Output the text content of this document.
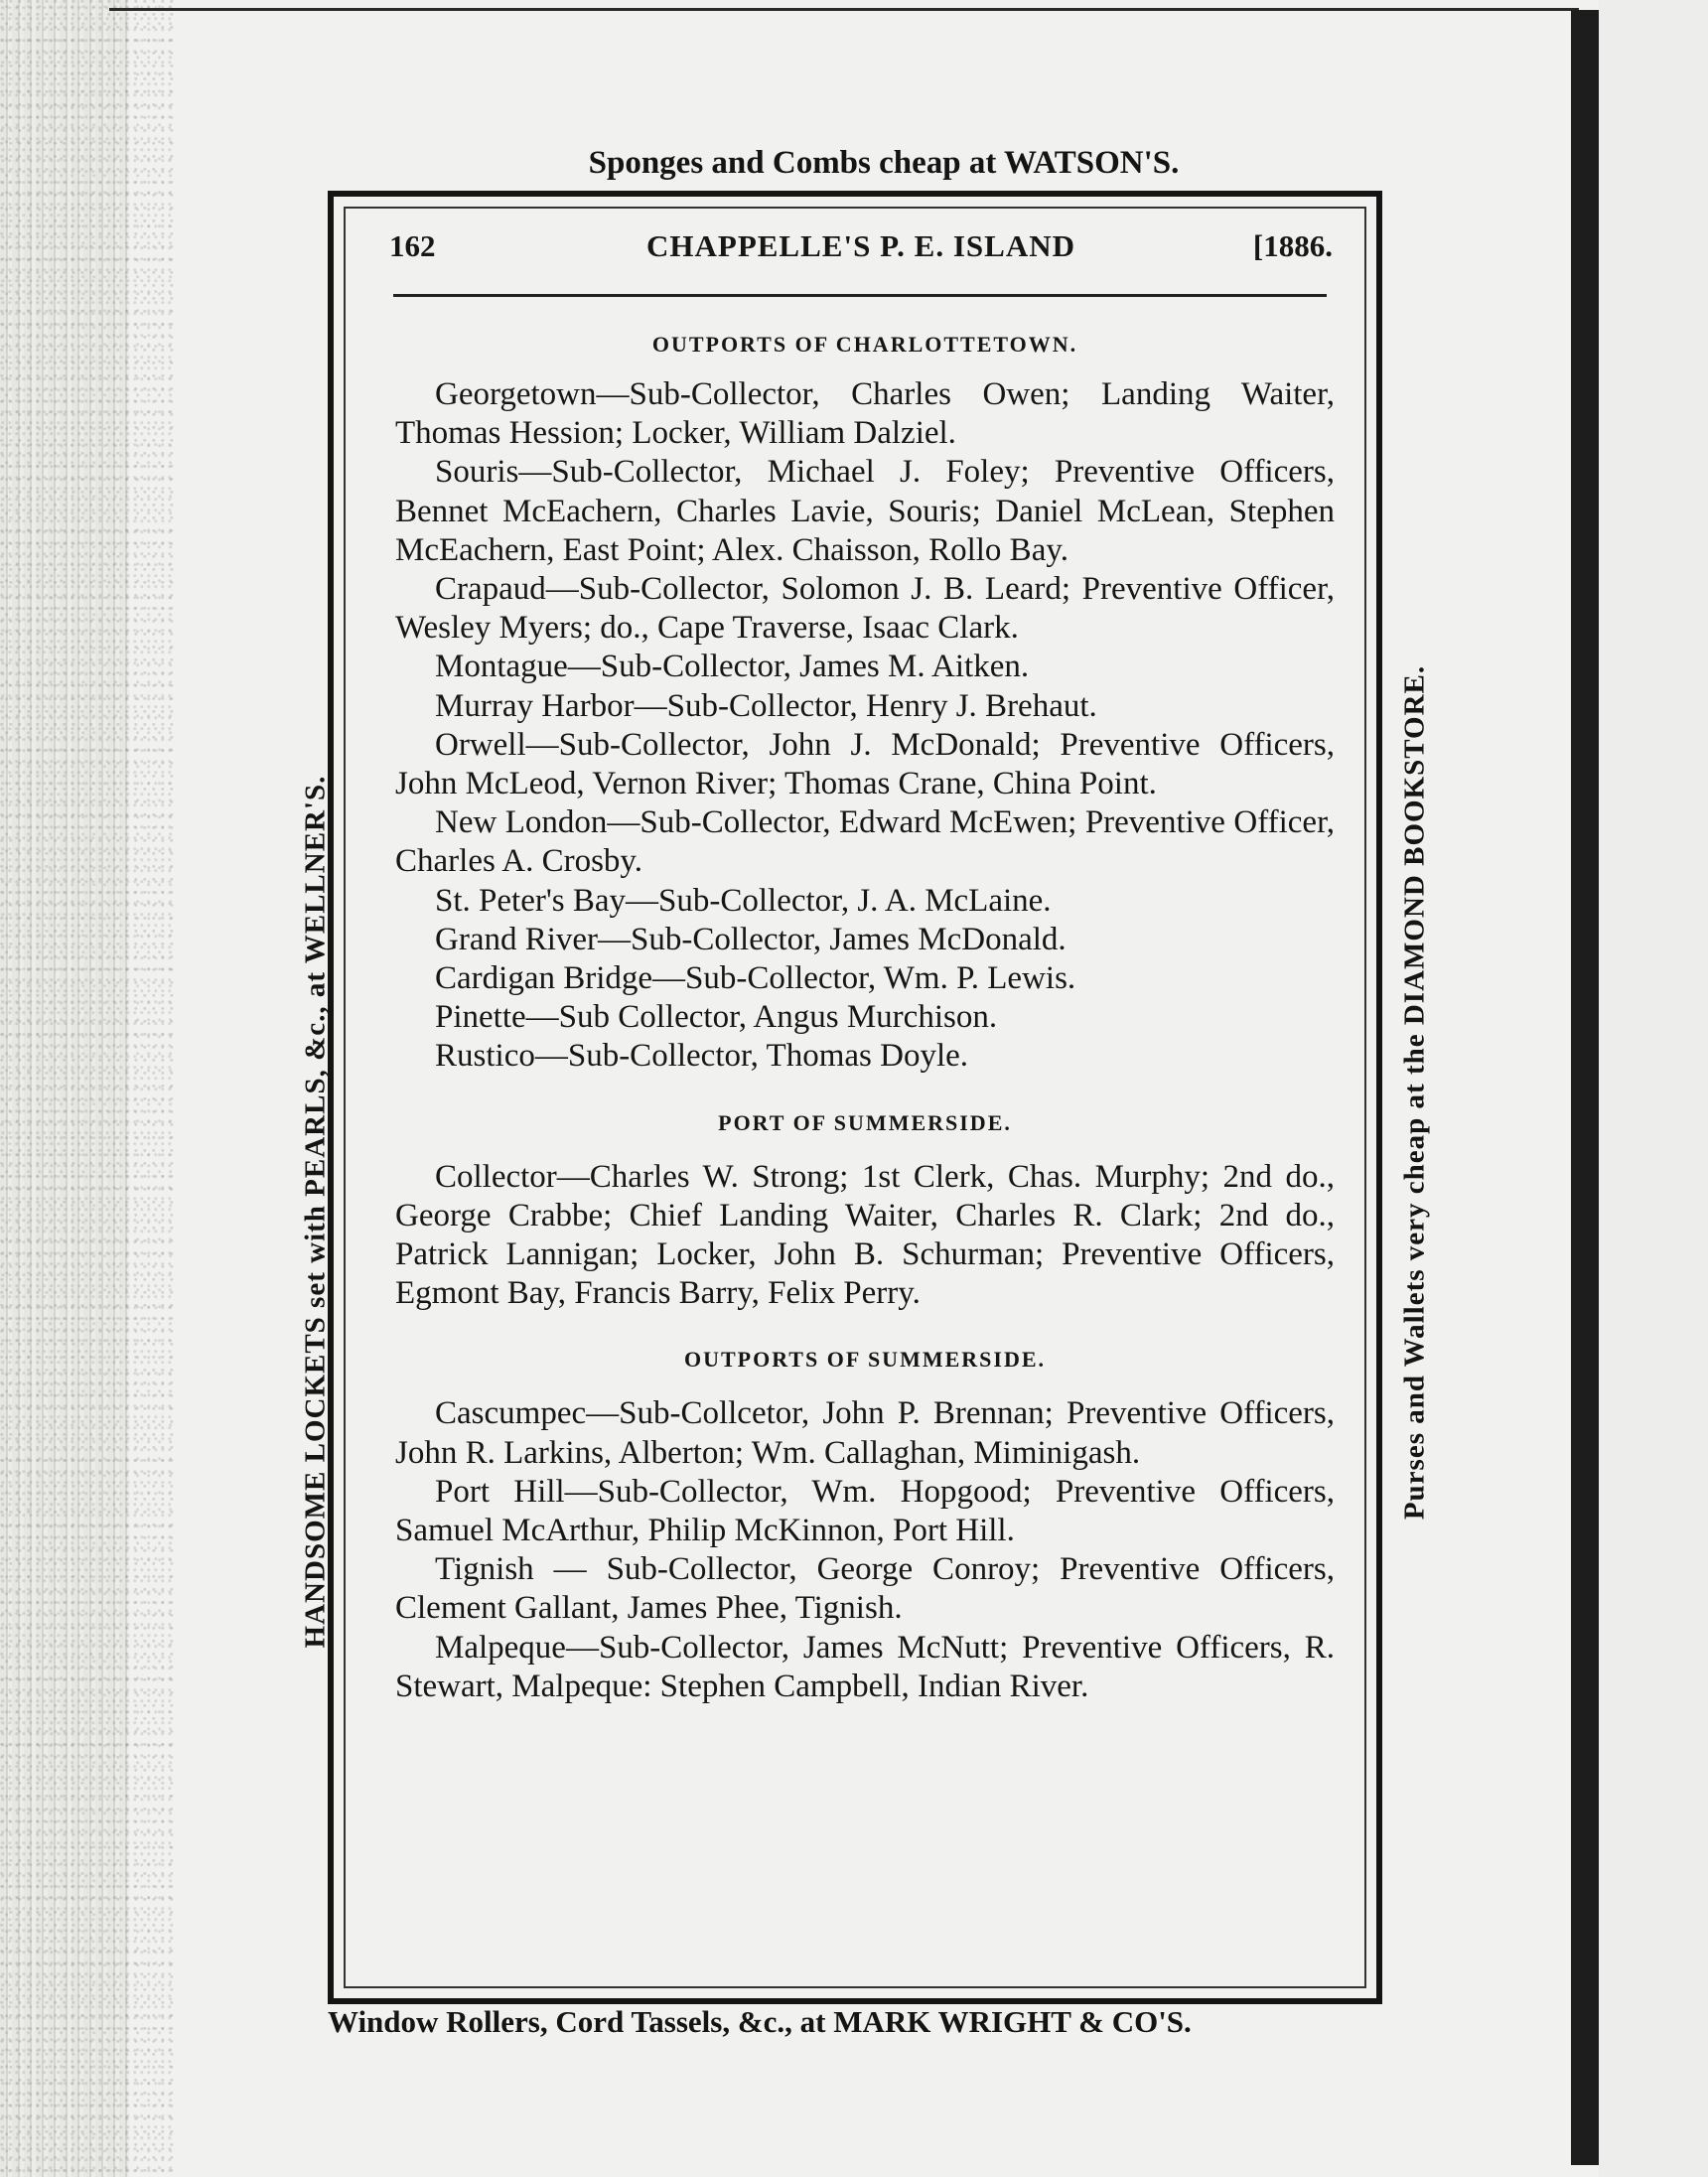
Sponges and Combs cheap at WATSON'S.
HANDSOME LOCKETS set with PEARLS, &c., at WELLNER'S.	Purses and Wallets very cheap at the DIAMOND BOOKSTORE.
162	CHAPPELLE'S P. E. ISLAND	[1886.
OUTPORTS OF CHARLOTTETOWN.

Georgetown—Sub-Collector, Charles Owen; Landing Waiter, Thomas Hession; Locker, William Dalziel.

Souris—Sub-Collector, Michael J. Foley; Preventive Officers, Bennet McEachern, Charles Lavie, Souris; Daniel McLean, Stephen McEachern, East Point; Alex. Chaisson, Rollo Bay.

Crapaud—Sub-Collector, Solomon J. B. Leard; Preventive Officer, Wesley Myers; do., Cape Traverse, Isaac Clark.

Montague—Sub-Collector, James M. Aitken.

Murray Harbor—Sub-Collector, Henry J. Brehaut.

Orwell—Sub-Collector, John J. McDonald; Preventive Officers, John McLeod, Vernon River; Thomas Crane, China Point.

New London—Sub-Collector, Edward McEwen; Preventive Officer, Charles A. Crosby.

St. Peter's Bay—Sub-Collector, J. A. McLaine.

Grand River—Sub-Collector, James McDonald.

Cardigan Bridge—Sub-Collector, Wm. P. Lewis.

Pinette—Sub Collector, Angus Murchison.

Rustico—Sub-Collector, Thomas Doyle.

PORT OF SUMMERSIDE.

Collector—Charles W. Strong; 1st Clerk, Chas. Murphy; 2nd do., George Crabbe; Chief Landing Waiter, Charles R. Clark; 2nd do., Patrick Lannigan; Locker, John B. Schurman; Preventive Officers, Egmont Bay, Francis Barry, Felix Perry.

OUTPORTS OF SUMMERSIDE.

Cascumpec—Sub-Collcetor, John P. Brennan; Preventive Officers, John R. Larkins, Alberton; Wm. Callaghan, Miminigash.

Port Hill—Sub-Collector, Wm. Hopgood; Preventive Officers, Samuel McArthur, Philip McKinnon, Port Hill.

Tignish — Sub-Collector, George Conroy; Preventive Officers, Clement Gallant, James Phee, Tignish.

Malpeque—Sub-Collector, James McNutt; Preventive Officers, R. Stewart, Malpeque: Stephen Campbell, Indian River.

Window Rollers, Cord Tassels, &c., at MARK WRIGHT & CO'S.
